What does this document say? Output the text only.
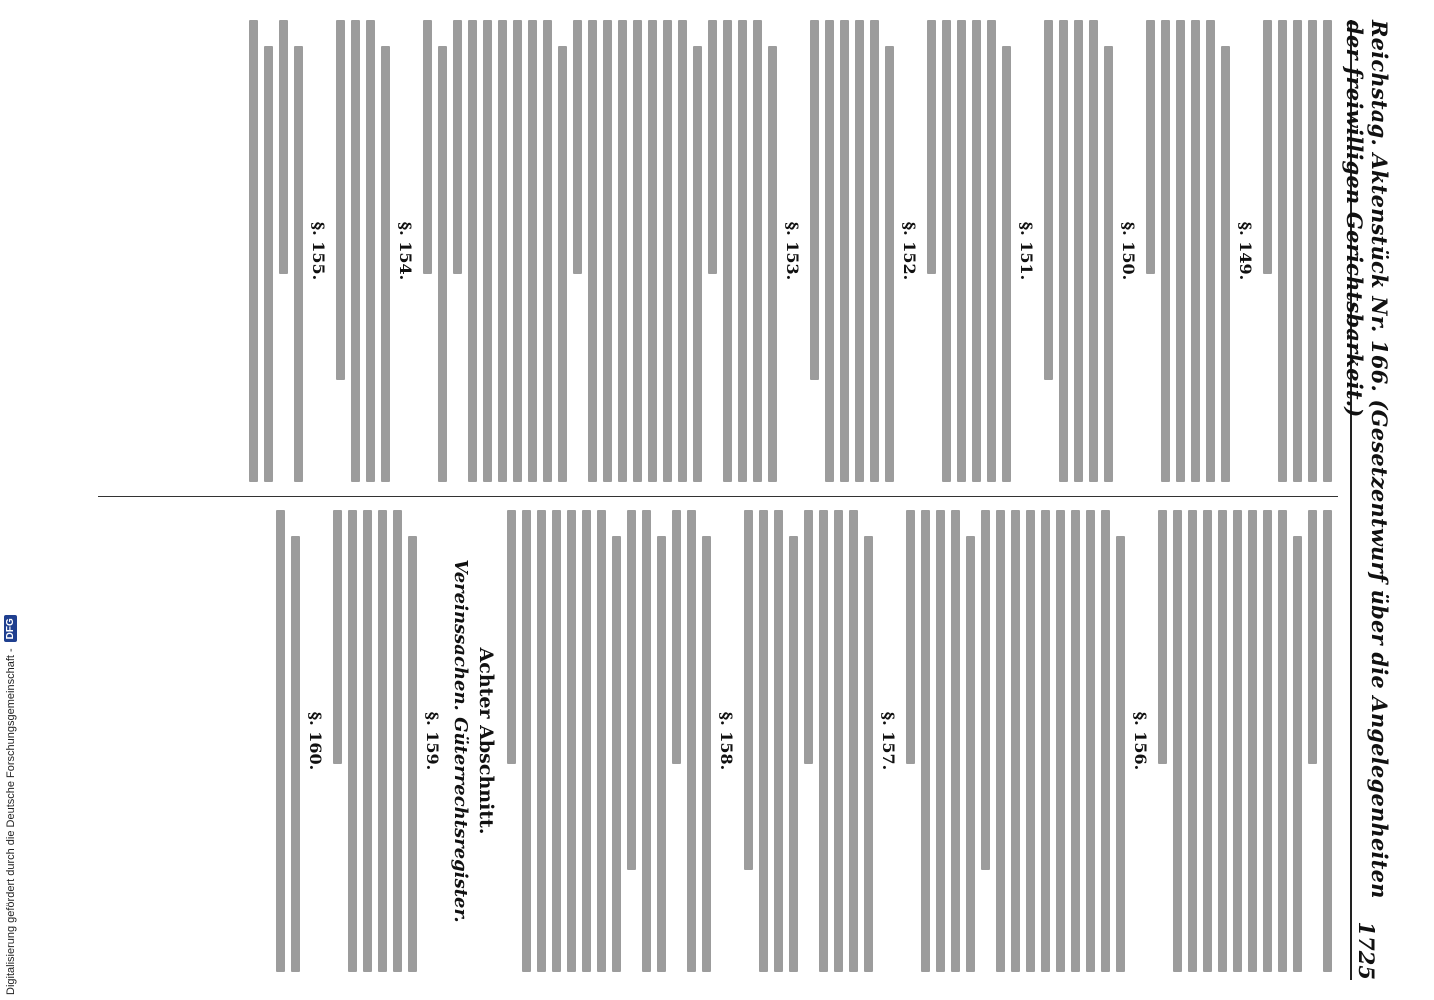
Reichstag. Aktenstück Nr. 166. (Gesetzentwurf über die Angelegenheiten der freiwilligen Gerichtsbarkeit.)
1725
§. 149.
§. 150.
§. 151.
§. 152.
§. 153.
§. 154.
§. 155.
§. 156.
§. 157.
§. 158.
Achter Abschnitt.
Vereinssachen. Güterrechtsregister.
§. 159.
§. 160.
Digitalisierung gefördert durch die Deutsche Forschungsgemeinschaft -
DFG
